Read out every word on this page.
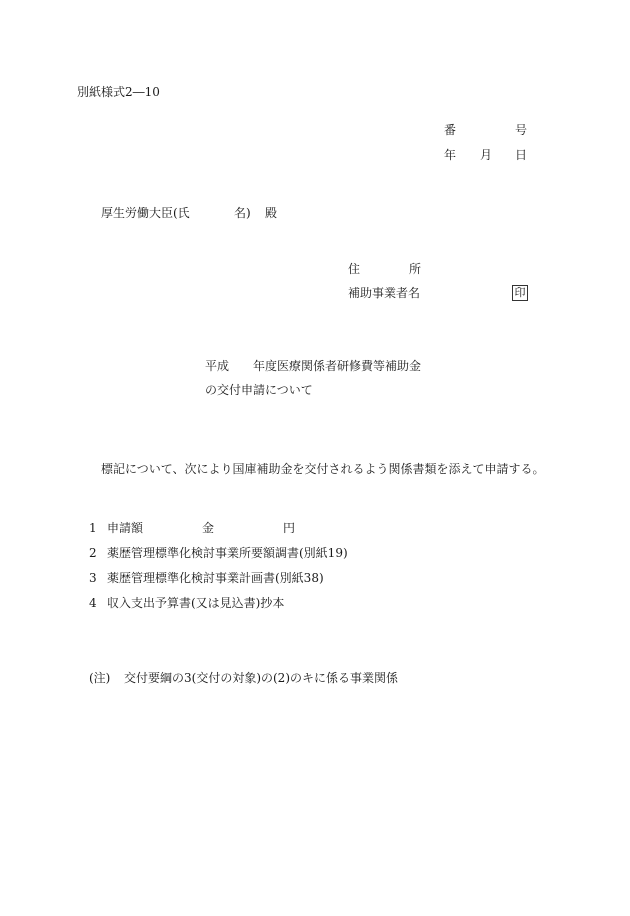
別紙様式2―10
番	号
年 月 日
厚生労働大臣(氏	名) 殿
住	所
補助事業者名	印
平成 年度医療関係者研修費等補助金
の交付申請について
標記について、次により国庫補助金を交付されるよう関係書類を添えて申請する。
1 申請額	金	円
2 薬歴管理標準化検討事業所要額調書(別紙19)
3 薬歴管理標準化検討事業計画書(別紙38)
4 収入支出予算書(又は見込書)抄本
(注) 交付要綱の3(交付の対象)の(2)のキに係る事業関係
